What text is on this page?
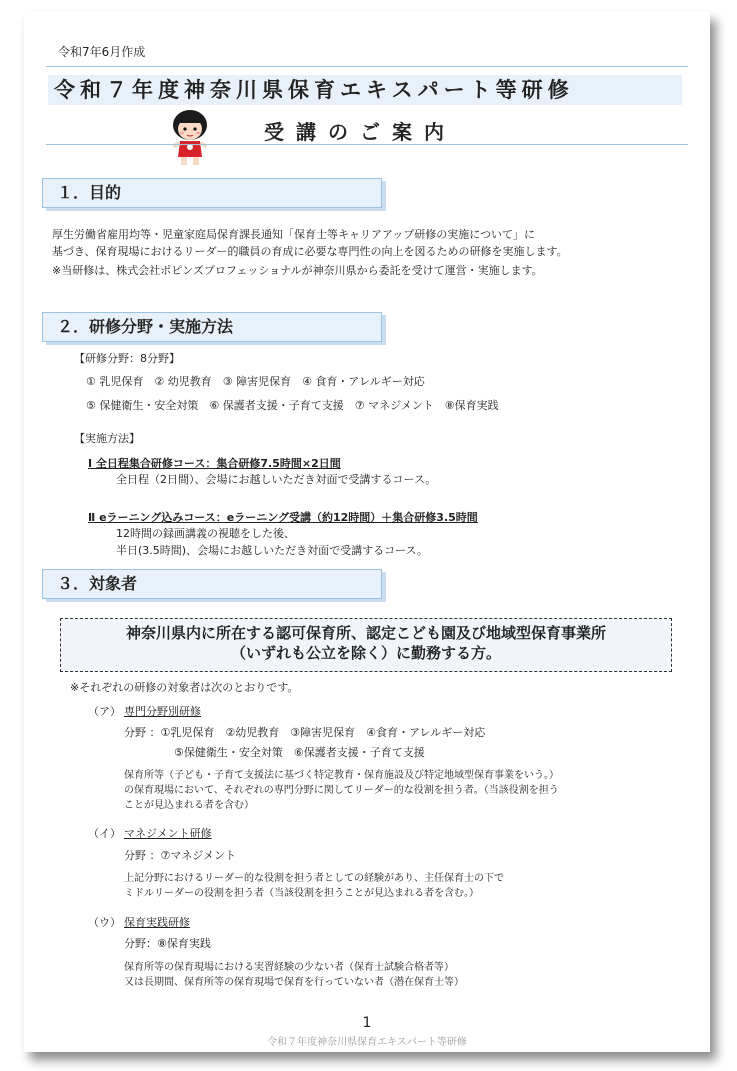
令和7年6月作成
令和７年度神奈川県保育エキスパート等研修
受講のご案内
１．目的
厚生労働省雇用均等・児童家庭局保育課長通知「保育士等キャリアアップ研修の実施について」に
基づき、保育現場におけるリーダー的職員の育成に必要な専門性の向上を図るための研修を実施します。
※当研修は、株式会社ポピンズプロフェッショナルが神奈川県から委託を受けて運営・実施します。
２．研修分野・実施方法
【研修分野：8分野】
① 乳児保育　② 幼児教育　③ 障害児保育　④ 食育・アレルギー対応
⑤ 保健衛生・安全対策　⑥ 保護者支援・子育て支援　⑦ マネジメント　⑧保育実践
【実施方法】
Ⅰ 全日程集合研修コース：集合研修7.5時間×2日間
全日程（2日間）、会場にお越しいただき対面で受講するコース。
Ⅱ eラーニング込みコース：eラーニング受講（約12時間）＋集合研修3.5時間
12時間の録画講義の視聴をした後、
半日(3.5時間)、会場にお越しいただき対面で受講するコース。
３．対象者
神奈川県内に所在する認可保育所、認定こども園及び地域型保育事業所
（いずれも公立を除く）に勤務する方。
※それぞれの研修の対象者は次のとおりです。
（ア） 専門分野別研修
分野 ：①乳児保育　②幼児教育　③障害児保育　④食育・アレルギー対応
⑤保健衛生・安全対策　⑥保護者支援・子育て支援
保育所等（子ども・子育て支援法に基づく特定教育・保育施設及び特定地域型保育事業をいう。）
の保育現場において、それぞれの専門分野に関してリーダー的な役割を担う者。（当該役割を担う
ことが見込まれる者を含む）
（イ） マネジメント研修
分野 ：⑦マネジメント
上記分野におけるリーダー的な役割を担う者としての経験があり、主任保育士の下で
ミドルリーダーの役割を担う者（当該役割を担うことが見込まれる者を含む。）
（ウ） 保育実践研修
分野：⑧保育実践
保育所等の保育現場における実習経験の少ない者（保育士試験合格者等）
又は長期間、保育所等の保育現場で保育を行っていない者（潜在保育士等）
1
令和７年度神奈川県保育エキスパート等研修
